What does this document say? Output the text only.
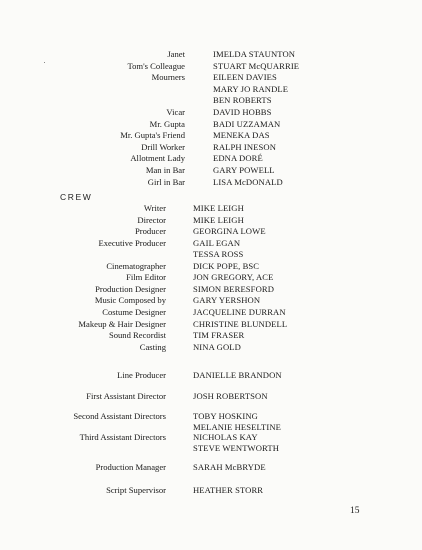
Janet	IMELDA STAUNTON
Tom's Colleague	STUART McQUARRIE
Mourners	EILEEN DAVIES
MARY JO RANDLE
BEN ROBERTS
Vicar	DAVID HOBBS
Mr. Gupta	BADI UZZAMAN
Mr. Gupta's Friend	MENEKA DAS
Drill Worker	RALPH INESON
Allotment Lady	EDNA DORÉ
Man in Bar	GARY POWELL
Girl in Bar	LISA McDONALD
CREW
Writer	MIKE LEIGH
Director	MIKE LEIGH
Producer	GEORGINA LOWE
Executive Producer	GAIL EGAN
TESSA ROSS
Cinematographer	DICK POPE, BSC
Film Editor	JON GREGORY, ACE
Production Designer	SIMON BERESFORD
Music Composed by	GARY YERSHON
Costume Designer	JACQUELINE DURRAN
Makeup & Hair Designer	CHRISTINE BLUNDELL
Sound Recordist	TIM FRASER
Casting	NINA GOLD
Line Producer	DANIELLE BRANDON
First Assistant Director	JOSH ROBERTSON
Second Assistant Directors	TOBY HOSKING
MELANIE HESELTINE
Third Assistant Directors	NICHOLAS KAY
STEVE WENTWORTH
Production Manager	SARAH McBRYDE
Script Supervisor	HEATHER STORR
15
